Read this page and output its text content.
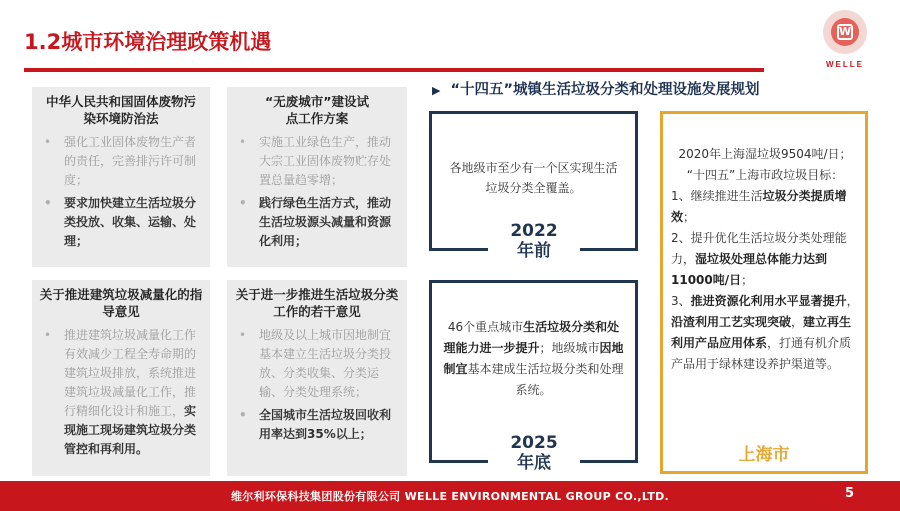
1.2城市环境治理政策机遇	W
WELLE
中华人民共和国固体废物污染环境防治法
• 强化工业固体废物生产者的责任，完善排污许可制度；
• 要求加快建立生活垃圾分类投放、收集、运输、处理；
“无废城市”建设试点工作方案
• 实施工业绿色生产，推动大宗工业固体废物贮存处置总量趋零增；
• 践行绿色生活方式，推动生活垃圾源头减量和资源化利用；
关于推进建筑垃圾减量化的指导意见
• 推进建筑垃圾减量化工作有效减少工程全寿命期的建筑垃圾排放，系统推进建筑垃圾减量化工作，推行精细化设计和施工，实现施工现场建筑垃圾分类管控和再利用。
关于进一步推进生活垃圾分类工作的若干意见
• 地级及以上城市因地制宜基本建立生活垃圾分类投放、分类收集、分类运输、分类处理系统；
• 全国城市生活垃圾回收利用率达到35%以上；
▶ “十四五”城镇生活垃圾分类和处理设施发展规划
各地级市至少有一个区实现生活垃圾分类全覆盖。
2022
年前
46个重点城市生活垃圾分类和处理能力进一步提升；地级城市因地制宜基本建成生活垃圾分类和处理系统。
2025
年底
2020年上海湿垃圾9504吨/日；
“十四五”上海市政垃圾目标：
1、继续推进生活垃圾分类提质增效；
2、提升优化生活垃圾分类处理能力，湿垃圾处理总体能力达到11000吨/日；
3、推进资源化利用水平显著提升，沿渣利用工艺实现突破，建立再生利用产品应用体系，打通有机介质产品用于绿林建设养护渠道等。
上海市
维尔利环保科技集团股份有限公司 WELLE ENVIRONMENTAL GROUP CO.,LTD.	5
